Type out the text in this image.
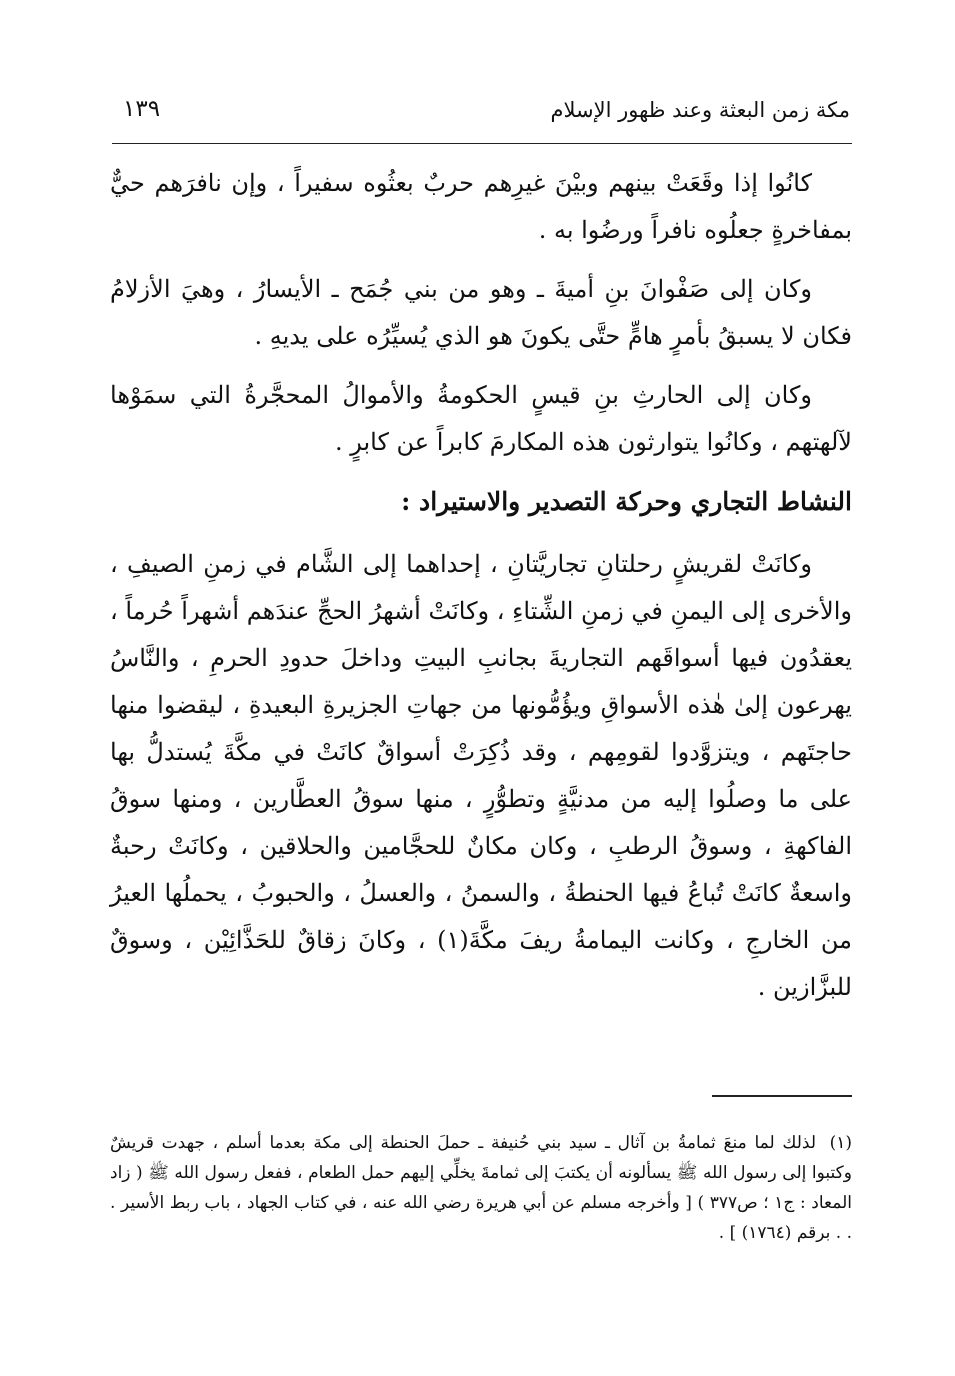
مكة زمن البعثة وعند ظهور الإسلام
١٣٩

كانُوا إذا وقَعَتْ بينهم وبيْنَ غيرِهم حربٌ بعثُوه سفيراً ، وإن نافرَهم حيٌّ بمفاخرةٍ جعلُوه نافراً ورضُوا به .

وكان إلى صَفْوانَ بنِ أميةَ ـ وهو من بني جُمَح ـ الأيسارُ ، وهيَ الأزلامُ فكان لا يسبقُ بأمرٍ هامٍّ حتَّى يكونَ هو الذي يُسيِّرُه على يديهِ .

وكان إلى الحارثِ بنِ قيسٍ الحكومةُ والأموالُ المحجَّرةُ التي سمَوْها لآلهتهم ، وكانُوا يتوارثون هذه المكارمَ كابراً عن كابرٍ .

النشاط التجاري وحركة التصدير والاستيراد :

وكانَتْ لقريشٍ رحلتانِ تجاريَّتانِ ، إحداهما إلى الشَّام في زمنِ الصيفِ ، والأخرى إلى اليمنِ في زمنِ الشِّتاءِ ، وكانَتْ أشهرُ الحجِّ عندَهم أشهراً حُرماً ، يعقدُون فيها أسواقَهم التجاريةَ بجانبِ البيتِ وداخلَ حدودِ الحرمِ ، والنَّاسُ يهرعون إلىٰ هٰذه الأسواقِ ويؤُمُّونها من جهاتِ الجزيرةِ البعيدةِ ، ليقضوا منها حاجتَهم ، ويتزوَّدوا لقومِهم ، وقد ذُكِرَتْ أسواقٌ كانَتْ في مكَّةَ يُستدلُّ بها على ما وصلُوا إليه من مدنيَّةٍ وتطوُّرٍ ، منها سوقُ العطَّارين ، ومنها سوقُ الفاكهةِ ، وسوقُ الرطبِ ، وكان مكانٌ للحجَّامين والحلاقين ، وكانَتْ رحبةٌ واسعةٌ كانَتْ تُباعُ فيها الحنطةُ ، والسمنُ ، والعسلُ ، والحبوبُ ، يحملُها العيرُ من الخارجِ ، وكانت اليمامةُ ريفَ مكَّةَ(١) ، وكانَ زقاقٌ للحَذَّائِيْن ، وسوقٌ للبزَّازين .

(١)لذلك لما منعَ ثمامةُ بن آثال ـ سيد بني حُنيفة ـ حملَ الحنطة إلى مكة بعدما أسلم ، جهدت قريشٌ وكتبوا إلى رسول الله ﷺ يسألونه أن يكتبَ إلى ثمامةَ يخلِّي إليهم حمل الطعام ، ففعل رسول الله ﷺ ( زاد المعاد : ج١ ؛ ص٣٧٧ ) [ وأخرجه مسلم عن أبي هريرة رضي الله عنه ، في كتاب الجهاد ، باب ربط الأسير . . . برقم (١٧٦٤) ] .
